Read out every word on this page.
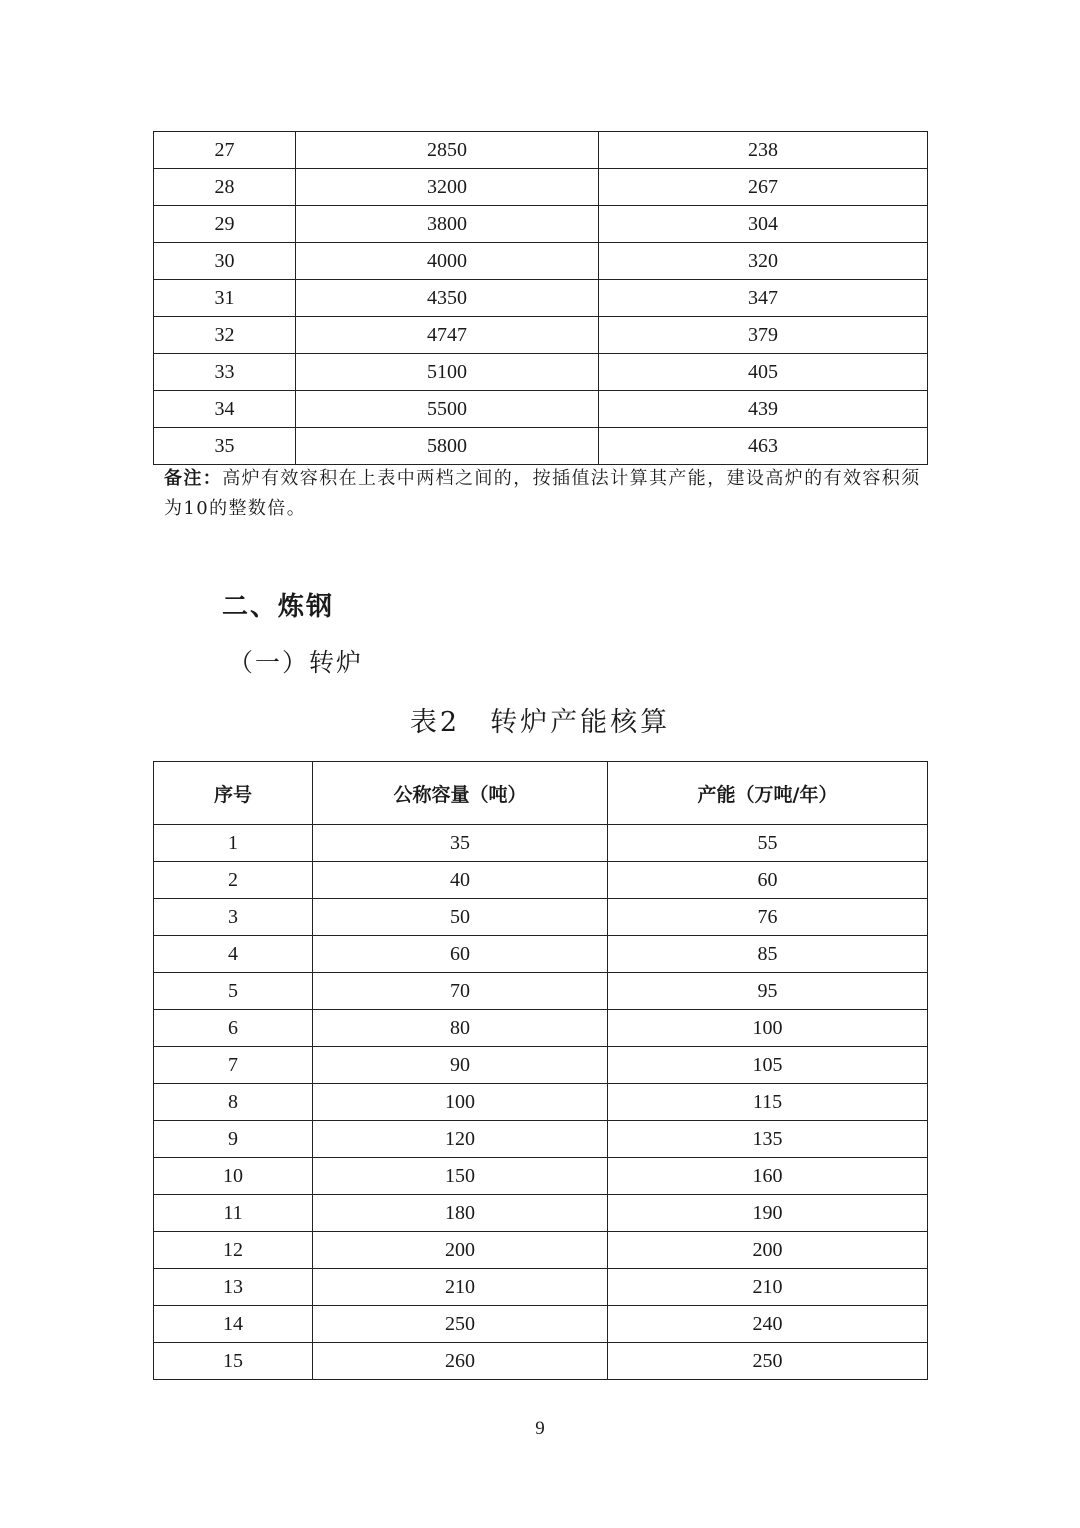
27	2850	238
28	3200	267
29	3800	304
30	4000	320
31	4350	347
32	4747	379
33	5100	405
34	5500	439
35	5800	463
备注：高炉有效容积在上表中两档之间的，按插值法计算其产能，建设高炉的有效容积须为10的整数倍。
二、炼钢
（一）转炉
表2 转炉产能核算
序号	公称容量（吨）	产能（万吨/年）
1	35	55
2	40	60
3	50	76
4	60	85
5	70	95
6	80	100
7	90	105
8	100	115
9	120	135
10	150	160
11	180	190
12	200	200
13	210	210
14	250	240
15	260	250
9
